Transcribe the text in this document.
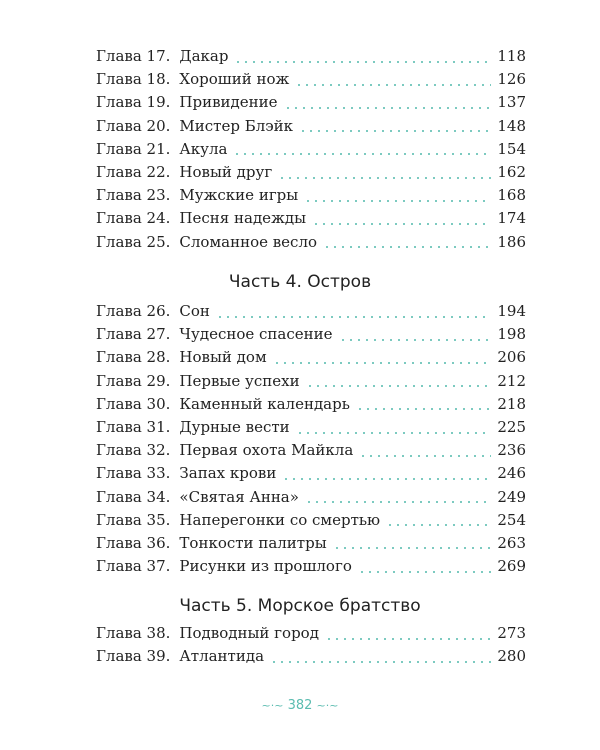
Глава 17. Дакар	118
Глава 18. Хороший нож	126
Глава 19. Привидение	137
Глава 20. Мистер Блэйк	148
Глава 21. Акула	154
Глава 22. Новый друг	162
Глава 23. Мужские игры	168
Глава 24. Песня надежды	174
Глава 25. Сломанное весло	186
Часть 4. Остров
Глава 26. Сон	194
Глава 27. Чудесное спасение	198
Глава 28. Новый дом	206
Глава 29. Первые успехи	212
Глава 30. Каменный календарь	218
Глава 31. Дурные вести	225
Глава 32. Первая охота Майкла	236
Глава 33. Запах крови	246
Глава 34. «Святая Анна»	249
Глава 35. Наперегонки со смертью	254
Глава 36. Тонкости палитры	263
Глава 37. Рисунки из прошлого	269
Часть 5. Морское братство
Глава 38. Подводный город	273
Глава 39. Атлантида	280
~·~ 382 ~·~
